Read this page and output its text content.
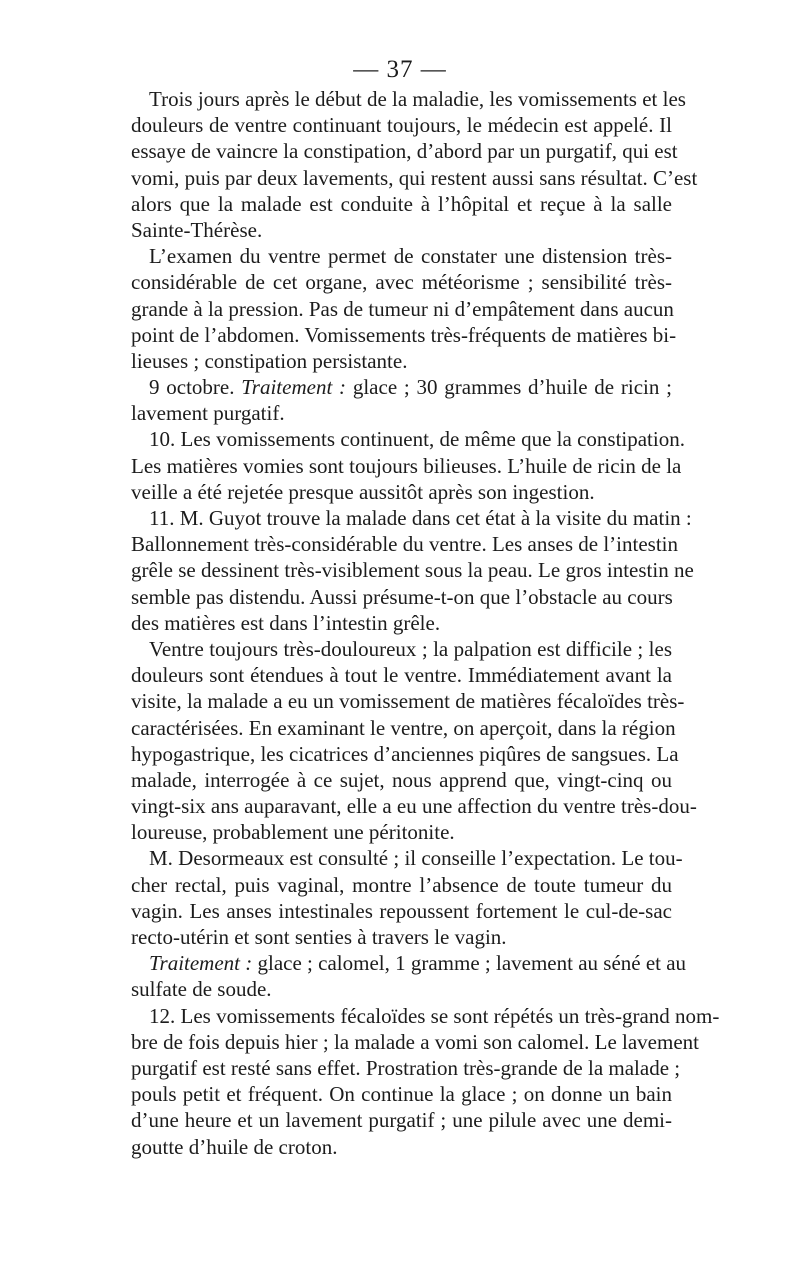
— 37 —
Trois jours après le début de la maladie, les vomissements et les
douleurs de ventre continuant toujours, le médecin est appelé. Il
essaye de vaincre la constipation, d’abord par un purgatif, qui est
vomi, puis par deux lavements, qui restent aussi sans résultat. C’est
alors que la malade est conduite à l’hôpital et reçue à la salle
Sainte-Thérèse.
L’examen du ventre permet de constater une distension très-
considérable de cet organe, avec météorisme ; sensibilité très-
grande à la pression. Pas de tumeur ni d’empâtement dans aucun
point de l’abdomen. Vomissements très-fréquents de matières bi-
lieuses ; constipation persistante.
9 octobre. Traitement : glace ; 30 grammes d’huile de ricin ;
lavement purgatif.
10. Les vomissements continuent, de même que la constipation.
Les matières vomies sont toujours bilieuses. L’huile de ricin de la
veille a été rejetée presque aussitôt après son ingestion.
11. M. Guyot trouve la malade dans cet état à la visite du matin :
Ballonnement très-considérable du ventre. Les anses de l’intestin
grêle se dessinent très-visiblement sous la peau. Le gros intestin ne
semble pas distendu. Aussi présume-t-on que l’obstacle au cours
des matières est dans l’intestin grêle.
Ventre toujours très-douloureux ; la palpation est difficile ; les
douleurs sont étendues à tout le ventre. Immédiatement avant la
visite, la malade a eu un vomissement de matières fécaloïdes très-
caractérisées. En examinant le ventre, on aperçoit, dans la région
hypogastrique, les cicatrices d’anciennes piqûres de sangsues. La
malade, interrogée à ce sujet, nous apprend que, vingt-cinq ou
vingt-six ans auparavant, elle a eu une affection du ventre très-dou-
loureuse, probablement une péritonite.
M. Desormeaux est consulté ; il conseille l’expectation. Le tou-
cher rectal, puis vaginal, montre l’absence de toute tumeur du
vagin. Les anses intestinales repoussent fortement le cul-de-sac
recto-utérin et sont senties à travers le vagin.
Traitement : glace ; calomel, 1 gramme ; lavement au séné et au
sulfate de soude.
12. Les vomissements fécaloïdes se sont répétés un très-grand nom-
bre de fois depuis hier ; la malade a vomi son calomel. Le lavement
purgatif est resté sans effet. Prostration très-grande de la malade ;
pouls petit et fréquent. On continue la glace ; on donne un bain
d’une heure et un lavement purgatif ; une pilule avec une demi-
goutte d’huile de croton.
